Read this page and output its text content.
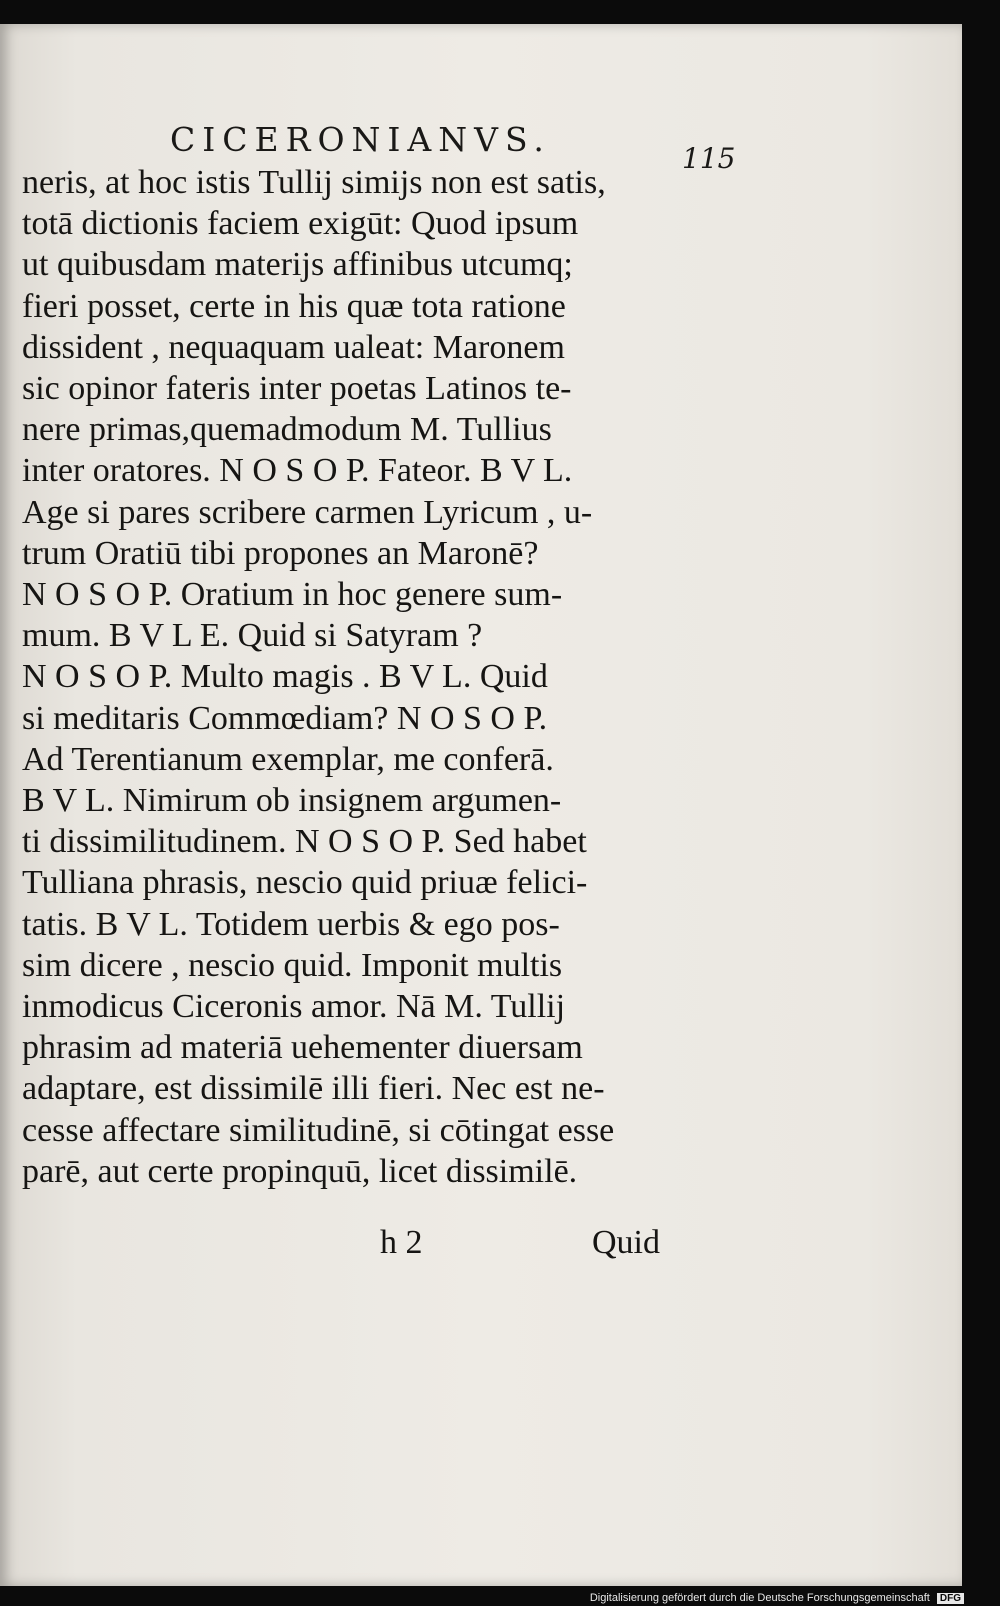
CICERONIANVS.	115
neris, at hoc istis Tullij simijs non est satis,
totā dictionis faciem exigūt: Quod ipsum
ut quibusdam materijs affinibus utcumq;
fieri posset, certe in his quæ tota ratione
dissident , nequaquam ualeat: Maronem
sic opinor fateris inter poetas Latinos te-
nere primas,quemadmodum M. Tullius
inter oratores. N O S O P. Fateor. B V L.
Age si pares scribere carmen Lyricum , u-
trum Oratiū tibi propones an Maronē?
N O S O P. Oratium in hoc genere sum-
mum. B V L E. Quid si Satyram ?
N O S O P. Multo magis . B V L. Quid
si meditaris Commœdiam? N O S O P.
Ad Terentianum exemplar, me conferā.
B V L. Nimirum ob insignem argumen-
ti dissimilitudinem. N O S O P. Sed habet
Tulliana phrasis, nescio quid priuæ felici-
tatis. B V L. Totidem uerbis & ego pos-
sim dicere , nescio quid. Imponit multis
inmodicus Ciceronis amor. Nā M. Tullij
phrasim ad materiā uehementer diuersam
adaptare, est dissimilē illi fieri. Nec est ne-
cesse affectare similitudinē, si cōtingat esse
parē, aut certe propinquū, licet dissimilē.
h 2	Quid
Digitalisierung gefördert durch die Deutsche Forschungsgemeinschaft DFG
